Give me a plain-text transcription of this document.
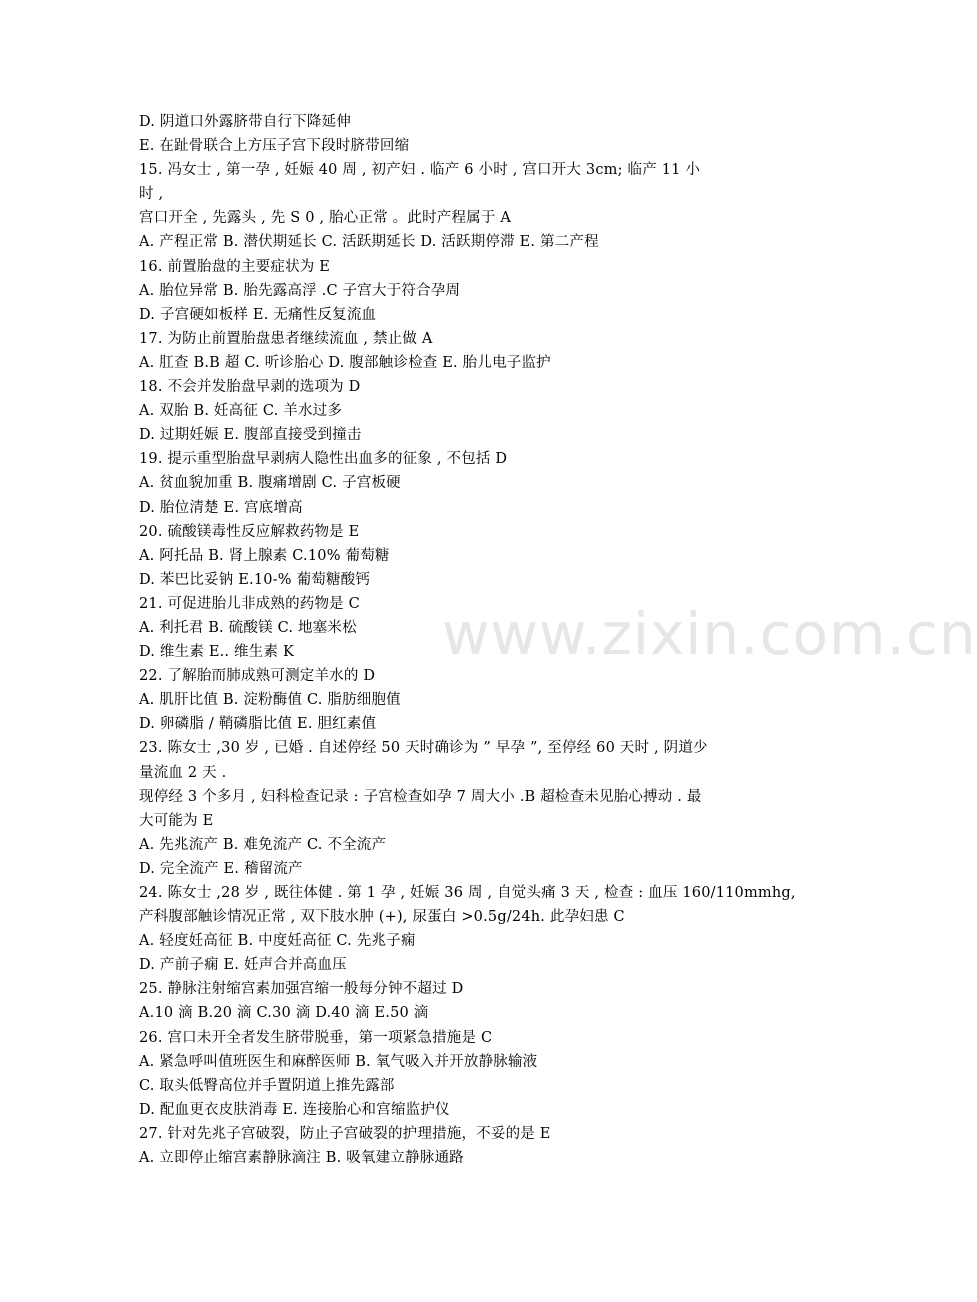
www.zixin.com.cn
D. 阴道口外露脐带自行下降延伸
E. 在趾骨联合上方压子宫下段时脐带回缩
15. 冯女士 , 第一孕 , 妊娠 40 周 , 初产妇 . 临产 6 小时 , 宫口开大 3cm; 临产 11 小
时 ,
宫口开全 , 先露头 , 先 S 0 , 胎心正常 。此时产程属于 A
A. 产程正常 B. 潜伏期延长 C. 活跃期延长 D. 活跃期停滞 E. 第二产程
16. 前置胎盘的主要症状为 E
A. 胎位异常 B. 胎先露高浮 .C 子宫大于符合孕周
D. 子宫硬如板样 E. 无痛性反复流血
17. 为防止前置胎盘患者继续流血 , 禁止做 A
A. 肛查 B.B 超 C. 听诊胎心 D. 腹部触诊检查 E. 胎儿电子监护
18. 不会并发胎盘早剥的选项为 D
A. 双胎 B. 妊高征 C. 羊水过多
D. 过期妊娠 E. 腹部直接受到撞击
19. 提示重型胎盘早剥病人隐性出血多的征象 , 不包括 D
A. 贫血貌加重 B. 腹痛增剧 C. 子宫板硬
D. 胎位清楚 E. 宫底增高
20. 硫酸镁毒性反应解救药物是 E
A. 阿托品 B. 肾上腺素 C.10% 葡萄糖
D. 苯巴比妥钠 E.10-% 葡萄糖酸钙
21. 可促进胎儿非成熟的药物是 C
A. 利托君 B. 硫酸镁 C. 地塞米松
D. 维生素 E.. 维生素 K
22. 了解胎而肺成熟可测定羊水的 D
A. 肌肝比值 B. 淀粉酶值 C. 脂肪细胞值
D. 卵磷脂 / 鞘磷脂比值 E. 胆红素值
23. 陈女士 ,30 岁 , 已婚 . 自述停经 50 天时确诊为 ” 早孕 ”, 至停经 60 天时 , 阴道少
量流血 2 天 .
现停经 3 个多月 , 妇科检查记录 : 子宫检查如孕 7 周大小 .B 超检查未见胎心搏动 . 最
大可能为 E
A. 先兆流产 B. 难免流产 C. 不全流产
D. 完全流产 E. 稽留流产
24. 陈女士 ,28 岁 , 既往体健 . 第 1 孕 , 妊娠 36 周 , 自觉头痛 3 天 , 检查 : 血压 160/110mmhg,
产科腹部触诊情况正常 , 双下肢水肿 (+), 尿蛋白 >0.5g/24h. 此孕妇患 C
A. 轻度妊高征 B. 中度妊高征 C. 先兆子痫
D. 产前子痫 E. 妊声合并高血压
25. 静脉注射缩宫素加强宫缩一般每分钟不超过 D
A.10 滴 B.20 滴 C.30 滴 D.40 滴 E.50 滴
26. 宫口未开全者发生脐带脱垂，第一项紧急措施是 C
A. 紧急呼叫值班医生和麻醉医师 B. 氧气吸入并开放静脉输液
C. 取头低臀高位并手置阴道上推先露部
D. 配血更衣皮肤消毒 E. 连接胎心和宫缩监护仪
27. 针对先兆子宫破裂，防止子宫破裂的护理措施，不妥的是 E
A. 立即停止缩宫素静脉滴注 B. 吸氧建立静脉通路
